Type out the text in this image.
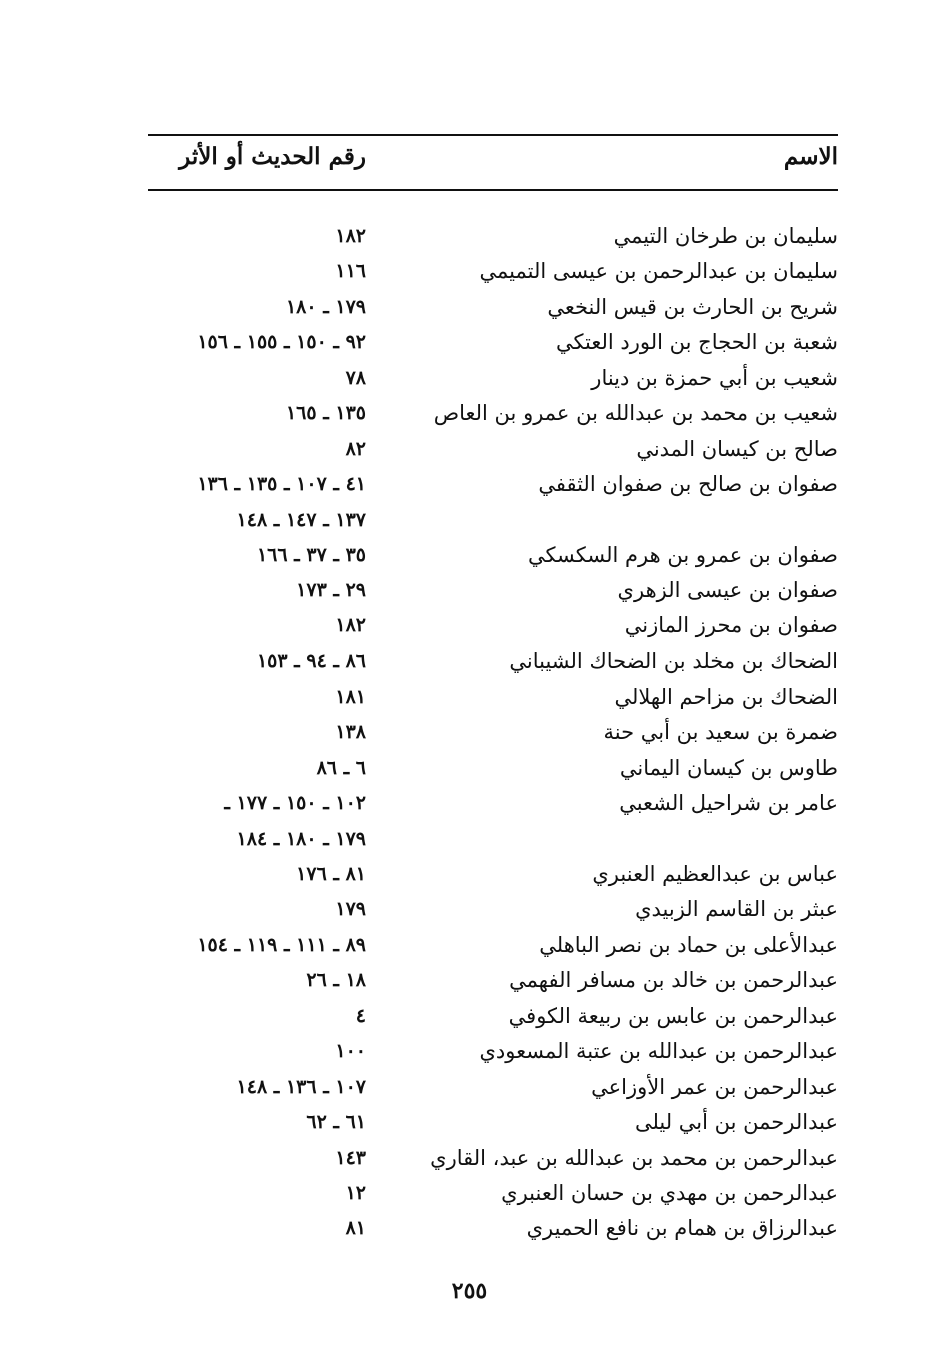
الاسم
رقم الحديث أو الأثر
سليمان بن طرخان التيمي
١٨٢
سليمان بن عبدالرحمن بن عيسى التميمي
١١٦
شريح بن الحارث بن قيس النخعي
١٧٩ ـ ١٨٠
شعبة بن الحجاج بن الورد العتكي
٩٢ ـ ١٥٠ ـ ١٥٥ ـ ١٥٦
شعيب بن أبي حمزة بن دينار
٧٨
شعيب بن محمد بن عبدالله بن عمرو بن العاص
١٣٥ ـ ١٦٥
صالح بن كيسان المدني
٨٢
صفوان بن صالح بن صفوان الثقفي
٤١ ـ ١٠٧ ـ ١٣٥ ـ ١٣٦
١٣٧ ـ ١٤٧ ـ ١٤٨
صفوان بن عمرو بن هرم السكسكي
٣٥ ـ ٣٧ ـ ١٦٦
صفوان بن عيسى الزهري
٢٩ ـ ١٧٣
صفوان بن محرز المازني
١٨٢
الضحاك بن مخلد بن الضحاك الشيباني
٨٦ ـ ٩٤ ـ ١٥٣
الضحاك بن مزاحم الهلالي
١٨١
ضمرة بن سعيد بن أبي حنة
١٣٨
طاوس بن كيسان اليماني
٦ ـ ٨٦
عامر بن شراحيل الشعبي
١٠٢ ـ ١٥٠ ـ ١٧٧ ـ
١٧٩ ـ ١٨٠ ـ ١٨٤
عباس بن عبدالعظيم العنبري
٨١ ـ ١٧٦
عبثر بن القاسم الزبيدي
١٧٩
عبدالأعلى بن حماد بن نصر الباهلي
٨٩ ـ ١١١ ـ ١١٩ ـ ١٥٤
عبدالرحمن بن خالد بن مسافر الفهمي
١٨ ـ ٢٦
عبدالرحمن بن عابس بن ربيعة الكوفي
٤
عبدالرحمن بن عبدالله بن عتبة المسعودي
١٠٠
عبدالرحمن بن عمر الأوزاعي
١٠٧ ـ ١٣٦ ـ ١٤٨
عبدالرحمن بن أبي ليلى
٦١ ـ ٦٢
عبدالرحمن بن محمد بن عبدالله بن عبد، القاري
١٤٣
عبدالرحمن بن مهدي بن حسان العنبري
١٢
عبدالرزاق بن همام بن نافع الحميري
٨١
٢٥٥
